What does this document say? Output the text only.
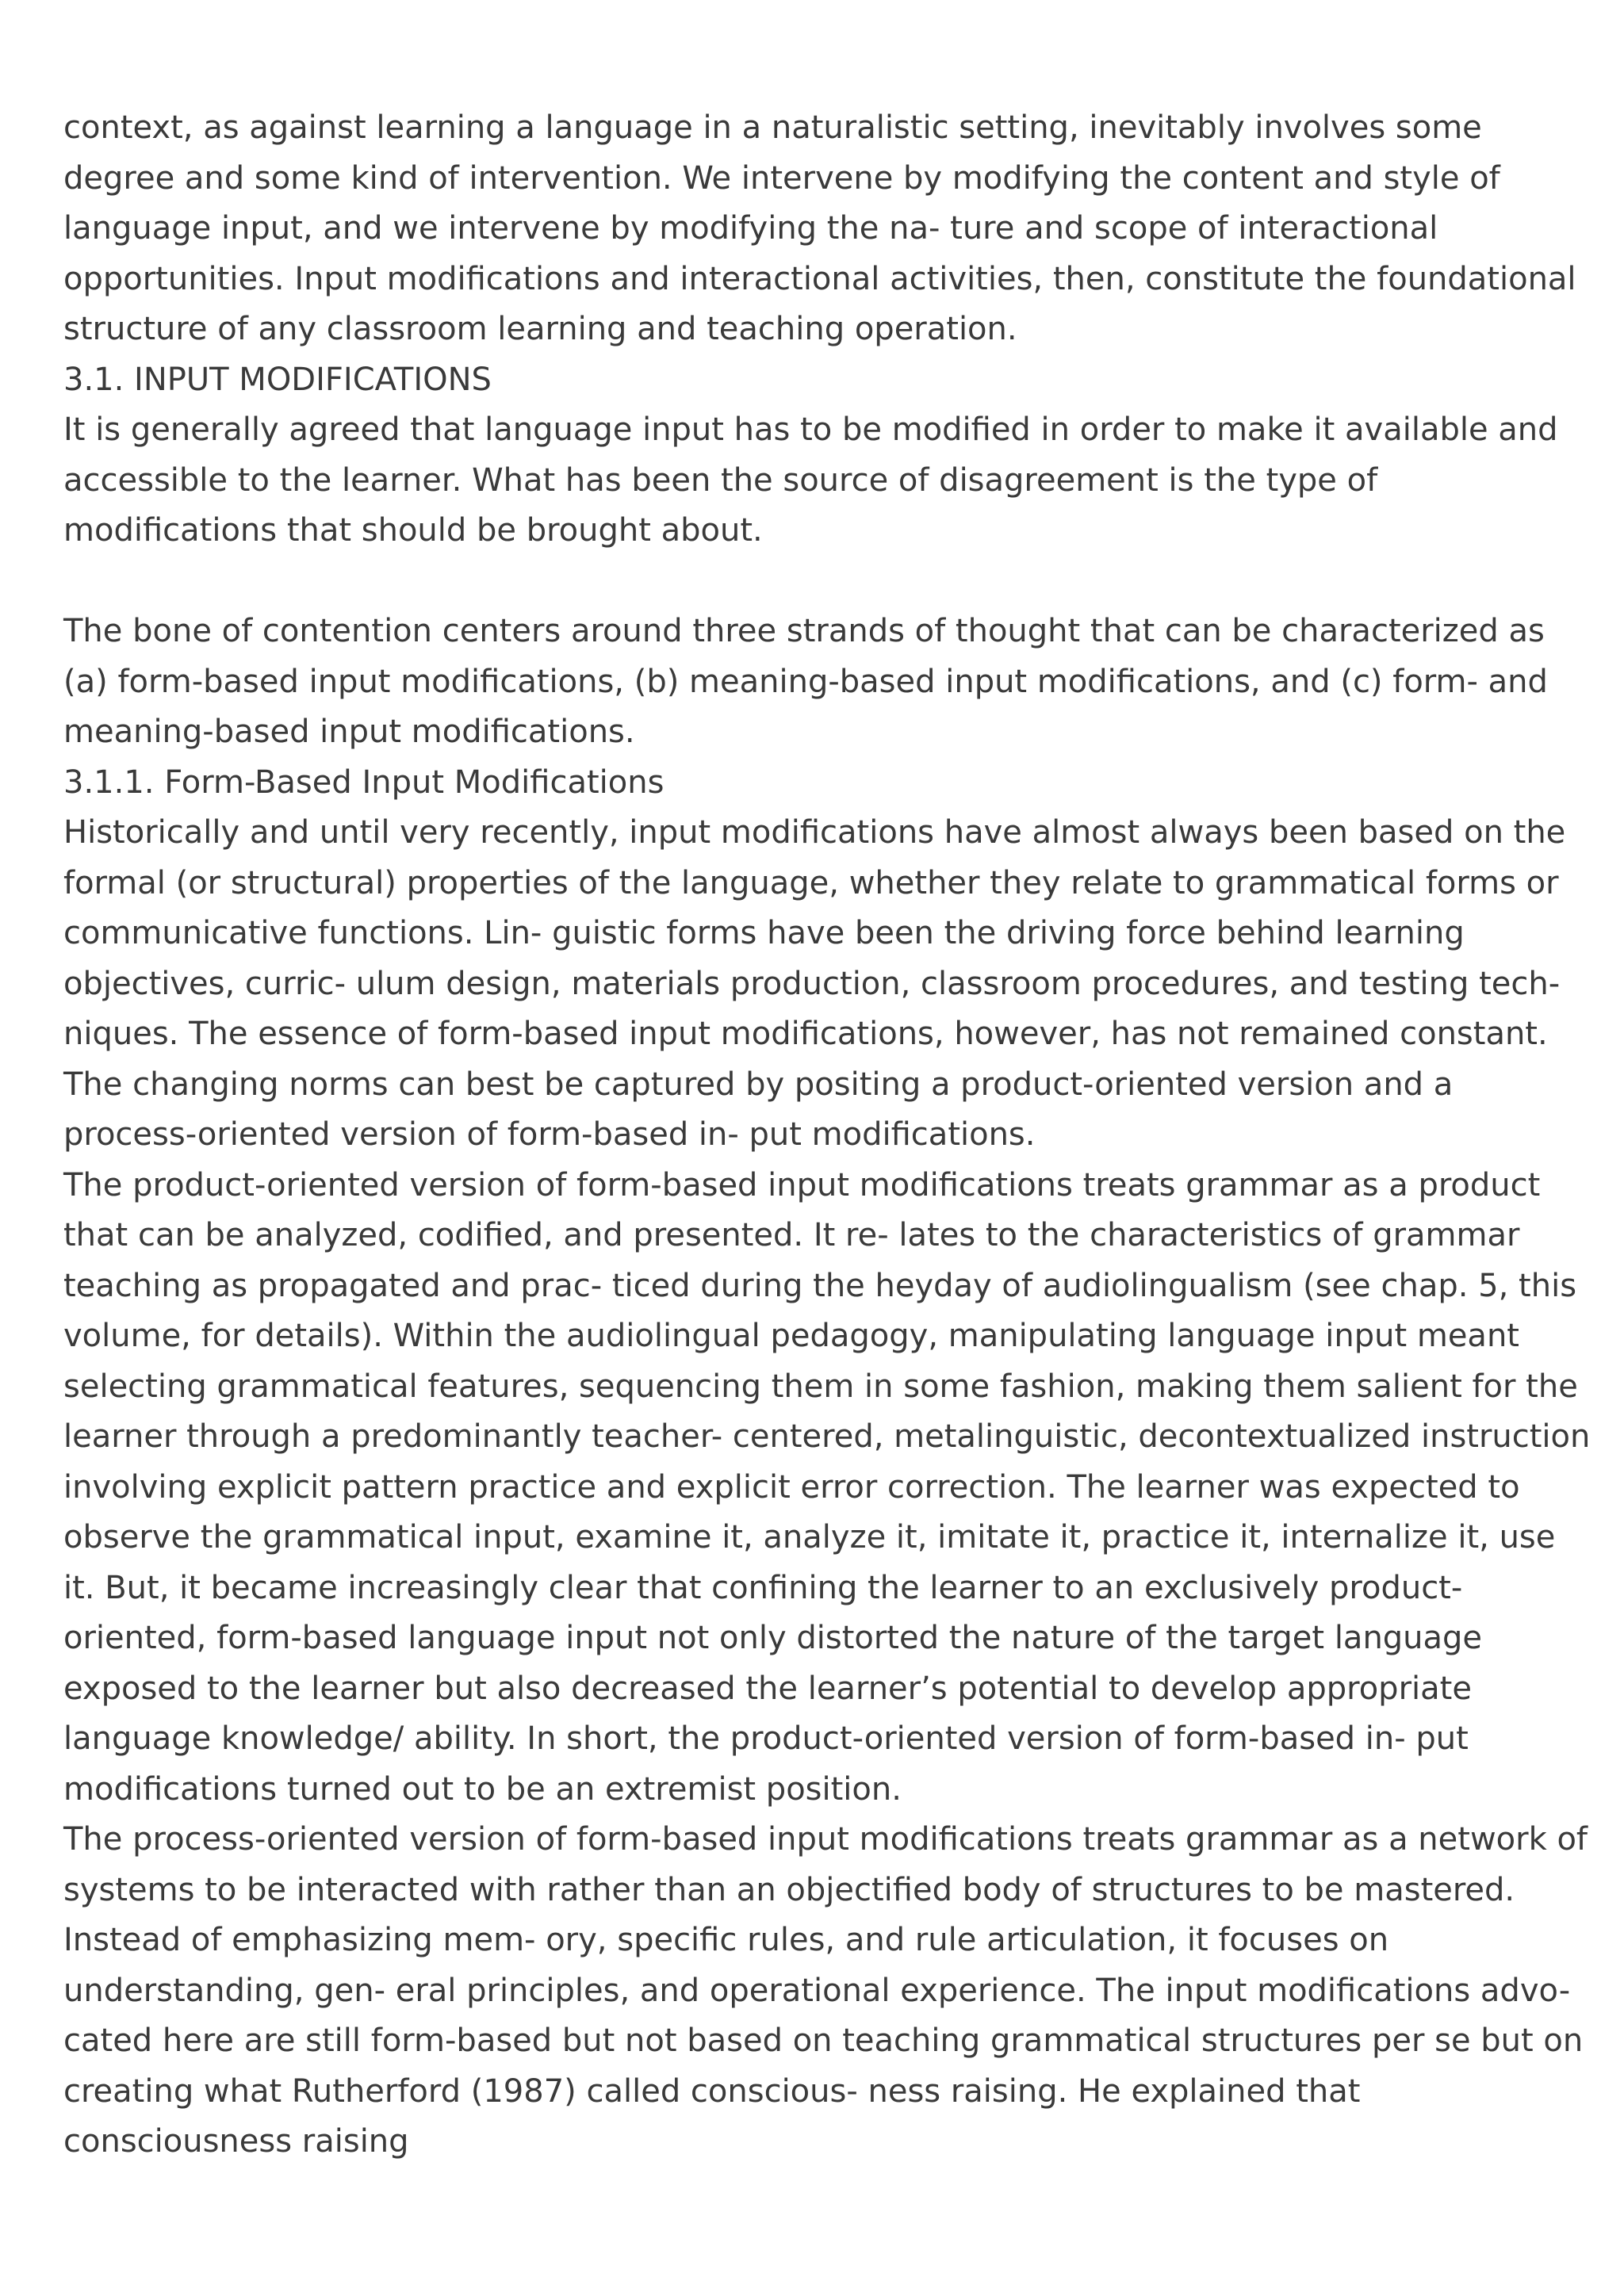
context, as against learning a language in a naturalistic setting, inevitably involves some degree and some kind of intervention. We intervene by modifying the content and style of language input, and we intervene by modifying the na- ture and scope of interactional opportunities. Input modifications and interactional activities, then, constitute the foundational structure of any classroom learning and teaching operation.

3.1. INPUT MODIFICATIONS

It is generally agreed that language input has to be modified in order to make it available and accessible to the learner. What has been the source of disagreement is the type of modifications that should be brought about.

The bone of contention centers around three strands of thought that can be characterized as (a) form-based input modifications, (b) meaning-based input modifications, and (c) form- and meaning-based input modifications.

3.1.1. Form-Based Input Modifications

Historically and until very recently, input modifications have almost always been based on the formal (or structural) properties of the language, whether they relate to grammatical forms or communicative functions. Lin- guistic forms have been the driving force behind learning objectives, curric- ulum design, materials production, classroom procedures, and testing tech- niques. The essence of form-based input modifications, however, has not remained constant. The changing norms can best be captured by positing a product-oriented version and a process-oriented version of form-based in- put modifications.

The product-oriented version of form-based input modifications treats grammar as a product that can be analyzed, codified, and presented. It re- lates to the characteristics of grammar teaching as propagated and prac- ticed during the heyday of audiolingualism (see chap. 5, this volume, for details). Within the audiolingual pedagogy, manipulating language input meant selecting grammatical features, sequencing them in some fashion, making them salient for the learner through a predominantly teacher- centered, metalinguistic, decontextualized instruction involving explicit pattern practice and explicit error correction. The learner was expected to observe the grammatical input, examine it, analyze it, imitate it, practice it, internalize it, use it. But, it became increasingly clear that confining the learner to an exclusively product-oriented, form-based language input not only distorted the nature of the target language exposed to the learner but also decreased the learner’s potential to develop appropriate language knowledge/ ability. In short, the product-oriented version of form-based in- put modifications turned out to be an extremist position.

The process-oriented version of form-based input modifications treats grammar as a network of systems to be interacted with rather than an objectified body of structures to be mastered. Instead of emphasizing mem- ory, specific rules, and rule articulation, it focuses on understanding, gen- eral principles, and operational experience. The input modifications advo- cated here are still form-based but not based on teaching grammatical structures per se but on creating what Rutherford (1987) called conscious- ness raising. He explained that consciousness raising
